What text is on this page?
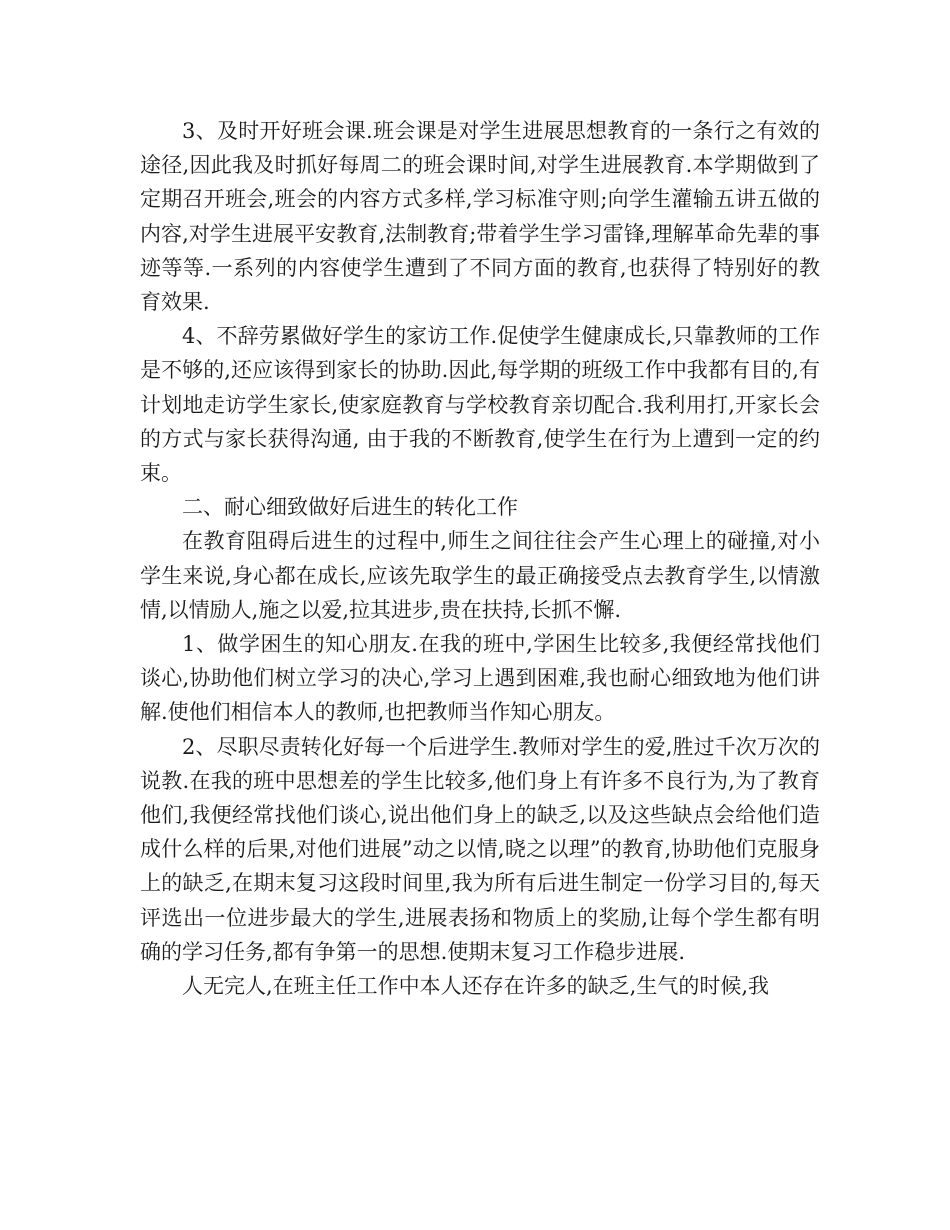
3、及时开好班会课.班会课是对学生进展思想教育的一条行之有效的途径,因此我及时抓好每周二的班会课时间,对学生进展教育.本学期做到了定期召开班会,班会的内容方式多样,学习标准守则;向学生灌输五讲五做的内容,对学生进展平安教育,法制教育;带着学生学习雷锋,理解革命先辈的事迹等等.一系列的内容使学生遭到了不同方面的教育,也获得了特别好的教育效果.

4、不辞劳累做好学生的家访工作.促使学生健康成长,只靠教师的工作是不够的,还应该得到家长的协助.因此,每学期的班级工作中我都有目的,有计划地走访学生家长,使家庭教育与学校教育亲切配合.我利用打,开家长会的方式与家长获得沟通, 由于我的不断教育,使学生在行为上遭到一定的约束。

二、耐心细致做好后进生的转化工作

在教育阻碍后进生的过程中,师生之间往往会产生心理上的碰撞,对小学生来说,身心都在成长,应该先取学生的最正确接受点去教育学生,以情激情,以情励人,施之以爱,拉其进步,贵在扶持,长抓不懈.

1、做学困生的知心朋友.在我的班中,学困生比较多,我便经常找他们谈心,协助他们树立学习的决心,学习上遇到困难,我也耐心细致地为他们讲解.使他们相信本人的教师,也把教师当作知心朋友。

2、尽职尽责转化好每一个后进学生.教师对学生的爱,胜过千次万次的说教.在我的班中思想差的学生比较多,他们身上有许多不良行为,为了教育他们,我便经常找他们谈心,说出他们身上的缺乏,以及这些缺点会给他们造成什么样的后果,对他们进展”动之以情,晓之以理”的教育,协助他们克服身上的缺乏,在期末复习这段时间里,我为所有后进生制定一份学习目的,每天评选出一位进步最大的学生,进展表扬和物质上的奖励,让每个学生都有明确的学习任务,都有争第一的思想.使期末复习工作稳步进展.

人无完人,在班主任工作中本人还存在许多的缺乏,生气的时候,我
